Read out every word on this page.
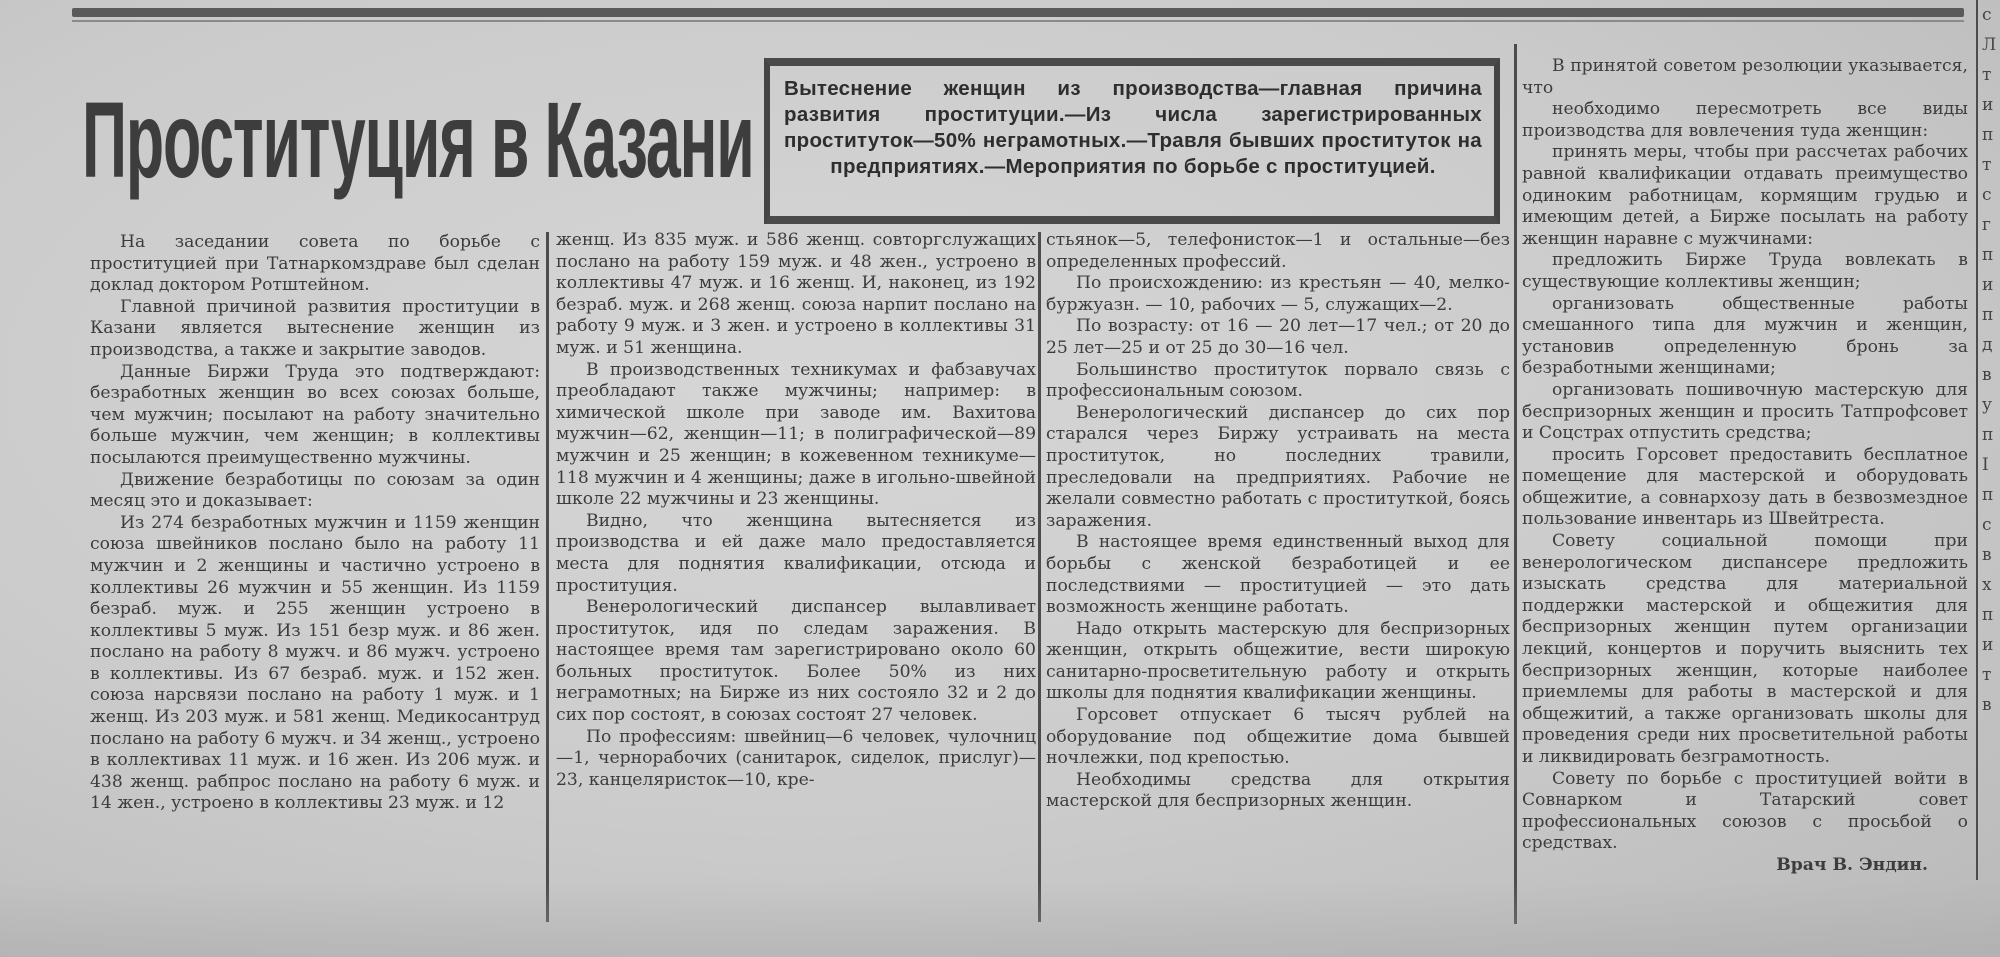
Проституция в Казани Вытеснение женщин из производства—главная причина развития проституции.—Из числа зарегистрированных проституток—50% неграмотных.—Травля бывших проституток на предприятиях.—Мероприятия по борьбе с проституцией.

На заседании совета по борьбе с проституцией при Татнаркомздраве был сделан доклад доктором Ротштейном.

Главной причиной развития проституции в Казани является вытеснение женщин из производства, а также и закрытие заводов.

Данные Биржи Труда это подтверждают: безработных женщин во всех союзах больше, чем мужчин; посылают на работу значительно больше мужчин, чем женщин; в коллективы посылаются преимущественно мужчины.

Движение безработицы по союзам за один месяц это и доказывает:

Из 274 безработных мужчин и 1159 женщин союза швейников послано было на работу 11 мужчин и 2 женщины и частично устроено в коллективы 26 мужчин и 55 женщин. Из 1159 безраб. муж. и 255 женщин устроено в коллективы 5 муж. Из 151 безр муж. и 86 жен. послано на работу 8 мужч. и 86 мужч. устроено в коллективы. Из 67 безраб. муж. и 152 жен. союза нарсвязи послано на работу 1 муж. и 1 женщ. Из 203 муж. и 581 женщ. Медикосантруд послано на работу 6 мужч. и 34 женщ., устроено в коллективах 11 муж. и 16 жен. Из 206 муж. и 438 женщ. рабпрос послано на работу 6 муж. и 14 жен., устроено в коллективы 23 муж. и 12

женщ. Из 835 муж. и 586 женщ. совторгслужащих послано на работу 159 муж. и 48 жен., устроено в коллективы 47 муж. и 16 женщ. И, наконец, из 192 безраб. муж. и 268 женщ. союза нарпит послано на работу 9 муж. и 3 жен. и устроено в коллективы 31 муж. и 51 женщина.

В производственных техникумах и фабзавучах преобладают также мужчины; например: в химической школе при заводе им. Вахитова мужчин—62, женщин—11; в полиграфической—89 мужчин и 25 женщин; в кожевенном техникуме—118 мужчин и 4 женщины; даже в игольно-швейной школе 22 мужчины и 23 женщины.

Видно, что женщина вытесняется из производства и ей даже мало предоставляется места для поднятия квалификации, отсюда и проституция.

Венерологический диспансер вылавливает проституток, идя по следам заражения. В настоящее время там зарегистрировано около 60 больных проституток. Более 50% из них неграмотных; на Бирже из них состояло 32 и 2 до сих пор состоят, в союзах состоят 27 человек.

По профессиям: швейниц—6 человек, чулочниц—1, чернорабочих (санитарок, сиделок, прислуг)—23, канцеляристок—10, кре-

стьянок—5, телефонисток—1 и остальные—без определенных профессий.

По происхождению: из крестьян — 40, мелко-буржуазн. — 10, рабочих — 5, служащих—2.

По возрасту: от 16 — 20 лет—17 чел.; от 20 до 25 лет—25 и от 25 до 30—16 чел.

Большинство проституток порвало связь с профессиональным союзом.

Венерологический диспансер до сих пор старался через Биржу устраивать на места проституток, но последних травили, преследовали на предприятиях. Рабочие не желали совместно работать с проституткой, боясь заражения.

В настоящее время единственный выход для борьбы с женской безработицей и ее последствиями — проституцией — это дать возможность женщине работать.

Надо открыть мастерскую для беспризорных женщин, открыть общежитие, вести широкую санитарно-просветительную работу и открыть школы для поднятия квалификации женщины.

Горсовет отпускает 6 тысяч рублей на оборудование под общежитие дома бывшей ночлежки, под крепостью.

Необходимы средства для открытия мастерской для беспризорных женщин.

В принятой советом резолюции указывается, что

необходимо пересмотреть все виды производства для вовлечения туда женщин:

принять меры, чтобы при рассчетах рабочих равной квалификации отдавать преимущество одиноким работницам, кормящим грудью и имеющим детей, а Бирже посылать на работу женщин наравне с мужчинами:

предложить Бирже Труда вовлекать в существующие коллективы женщин;

организовать общественные работы смешанного типа для мужчин и женщин, установив определенную бронь за безработными женщинами;

организовать пошивочную мастерскую для беспризорных женщин и просить Татпрофсовет и Соцстрах отпустить средства;

просить Горсовет предоставить бесплатное помещение для мастерской и оборудовать общежитие, а совнархозу дать в безвозмездное пользование инвентарь из Швейтреста.

Совету социальной помощи при венерологическом диспансере предложить изыскать средства для материальной поддержки мастерской и общежития для беспризорных женщин путем организации лекций, концертов и поручить выяснить тех беспризорных женщин, которые наиболее приемлемы для работы в мастерской и для общежитий, а также организовать школы для проведения среди них просветительной работы и ликвидировать безграмотность.

Совету по борьбе с проституцией войти в Совнарком и Татарский совет профессиональных союзов с просьбой о средствах.

Врач В. Эндин.

с Л т и п т с г п и п д в у п I п с в х п и т в
